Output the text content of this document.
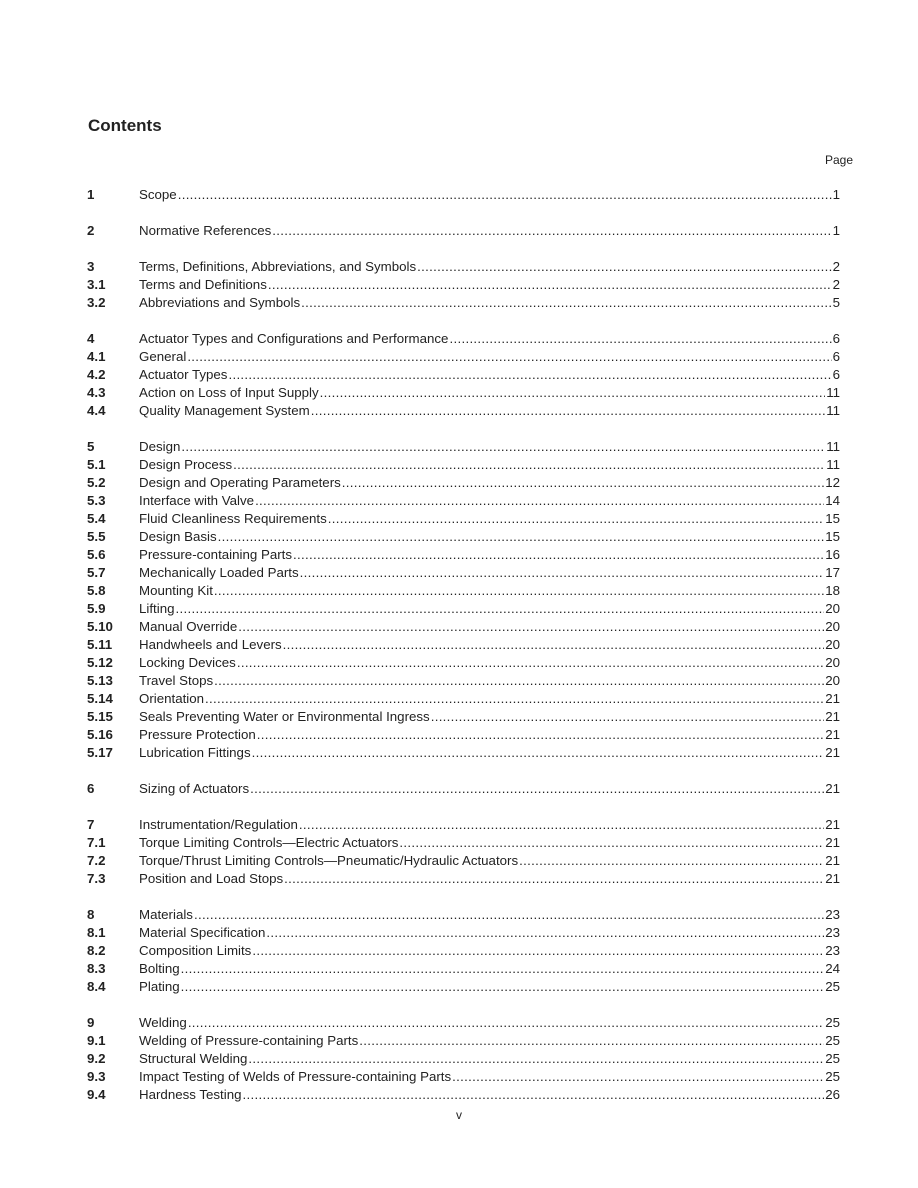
Contents
Page
1	Scope .....	1
2	Normative References .....	1
3	Terms, Definitions, Abbreviations, and Symbols .....	2
3.1	Terms and Definitions .....	2
3.2	Abbreviations and Symbols .....	5
4	Actuator Types and Configurations and Performance .....	6
4.1	General .....	6
4.2	Actuator Types .....	6
4.3	Action on Loss of Input Supply .....	11
4.4	Quality Management System .....	11
5	Design .....	11
5.1	Design Process .....	11
5.2	Design and Operating Parameters .....	12
5.3	Interface with Valve .....	14
5.4	Fluid Cleanliness Requirements .....	15
5.5	Design Basis .....	15
5.6	Pressure-containing Parts .....	16
5.7	Mechanically Loaded Parts .....	17
5.8	Mounting Kit .....	18
5.9	Lifting .....	20
5.10	Manual Override .....	20
5.11	Handwheels and Levers .....	20
5.12	Locking Devices .....	20
5.13	Travel Stops .....	20
5.14	Orientation .....	21
5.15	Seals Preventing Water or Environmental Ingress .....	21
5.16	Pressure Protection .....	21
5.17	Lubrication Fittings .....	21
6	Sizing of Actuators .....	21
7	Instrumentation/Regulation .....	21
7.1	Torque Limiting Controls—Electric Actuators .....	21
7.2	Torque/Thrust Limiting Controls—Pneumatic/Hydraulic Actuators .....	21
7.3	Position and Load Stops .....	21
8	Materials .....	23
8.1	Material Specification .....	23
8.2	Composition Limits .....	23
8.3	Bolting .....	24
8.4	Plating .....	25
9	Welding .....	25
9.1	Welding of Pressure-containing Parts .....	25
9.2	Structural Welding .....	25
9.3	Impact Testing of Welds of Pressure-containing Parts .....	25
9.4	Hardness Testing .....	26
v
